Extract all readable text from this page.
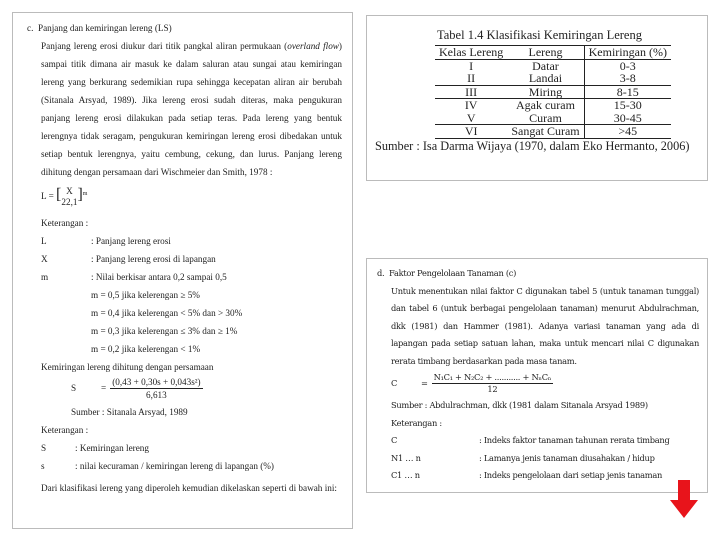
c. Panjang dan kemiringan lereng (LS)

Panjang lereng erosi diukur dari titik pangkal aliran permukaan (overland flow) sampai titik dimana air masuk ke dalam saluran atau sungai atau kemiringan lereng yang berkurang sedemikian rupa sehingga kecepatan aliran air berubah (Sitanala Arsyad, 1989). Jika lereng erosi sudah diteras, maka pengukuran panjang lereng erosi dilakukan pada setiap teras. Pada lereng yang bentuk lerengnya tidak seragam, pengukuran kemiringan lereng erosi dibedakan untuk setiap bentuk lerengnya, yaitu cembung, cekung, dan lurus. Panjang lereng dihitung dengan persamaan dari Wischmeier dan Smith, 1978 :

L = [ X
22,1 ]$^m$

Keterangan :

L	: Panjang lereng erosi
X	: Panjang lereng erosi di lapangan
m	: Nilai berkisar antara 0,2 sampai 0,5

m = 0,5 jika kelerengan ≥ 5%

m = 0,4 jika kelerengan < 5% dan > 30%

m = 0,3 jika kelerengan ≤ 3% dan ≥ 1%

m = 0,2 jika kelerengan < 1%

Kemiringan lereng dihitung dengan persamaan

S	= $\frac{\text{(0,43 + 0,30s + 0,043s²)}}{6,613}$

Sumber : Sitanala Arsyad, 1989

Keterangan :

S	: Kemiringan lereng
s	: nilai kecuraman / kemiringan lereng di lapangan (%)

Dari klasifikasi lereng yang diperoleh kemudian dikelaskan seperti di bawah ini:

Tabel 1.4 Klasifikasi Kemiringan Lereng
Kelas Lereng	Lereng	Kemiringan (%)
I	Datar	0-3
II	Landai	3-8
III	Miring	8-15
IV	Agak curam	15-30
V	Curam	30-45
VI	Sangat Curam	>45
Sumber : Isa Darma Wijaya (1970, dalam Eko Hermanto, 2006)

d. Faktor Pengelolaan Tanaman (c)

Untuk menentukan nilai faktor C digunakan tabel 5 (untuk tanaman tunggal) dan tabel 6 (untuk berbagai pengelolaan tanaman) menurut Abdulrachman, dkk (1981) dan Hammer (1981). Adanya variasi tanaman yang ada di lapangan pada setiap satuan lahan, maka untuk mencari nilai C digunakan rerata timbang berdasarkan pada masa tanam.

C	= $\frac{\text{N₁C₁ + N₂C₂ + ........... + NₙCₙ}}{12}$

Sumber : Abdulrachman, dkk (1981 dalam Sitanala Arsyad 1989)

Keterangan :

C	: Indeks faktor tanaman tahunan rerata timbang

N1 … n	: Lamanya jenis tanaman diusahakan / hidup

C1 … n	: Indeks pengelolaan dari setiap jenis tanaman
